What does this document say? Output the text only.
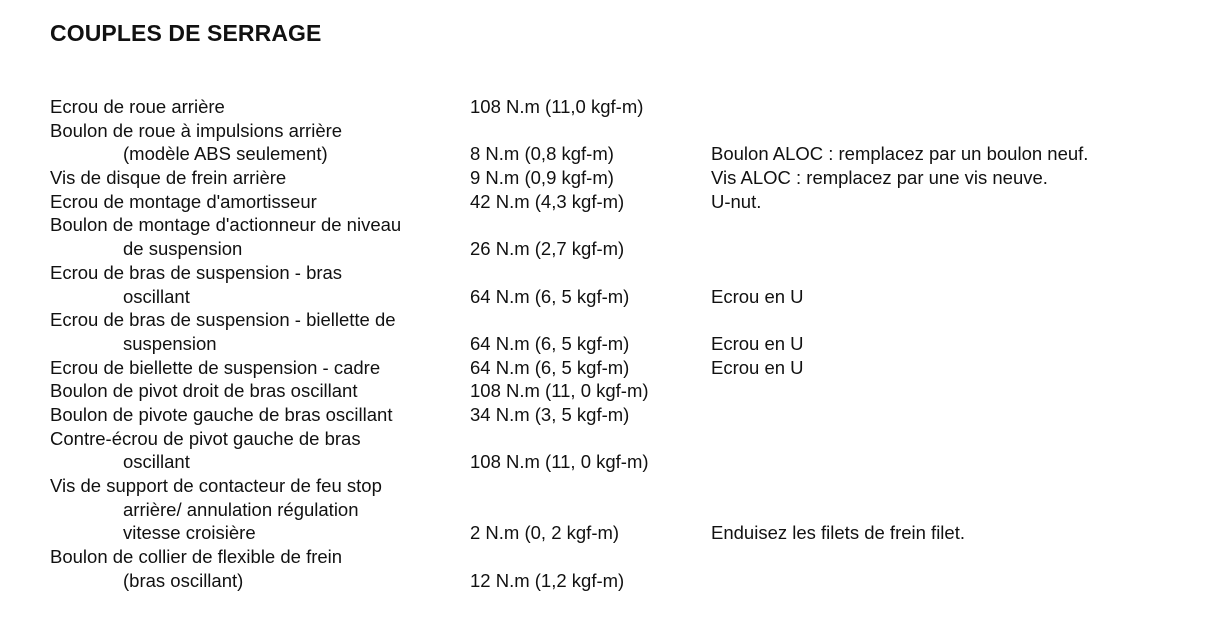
COUPLES DE SERRAGE
Ecrou de roue arrière	108 N.m (11,0 kgf-m)
Boulon de roue à impulsions arrière
(modèle ABS seulement)	8 N.m (0,8 kgf-m)	Boulon ALOC : remplacez par un boulon neuf.
Vis de disque de frein arrière	9 N.m (0,9 kgf-m)	Vis ALOC : remplacez par une vis neuve.
Ecrou de montage d'amortisseur	42 N.m (4,3 kgf-m)	U-nut.
Boulon de montage d'actionneur de niveau
de suspension	26 N.m (2,7 kgf-m)
Ecrou de bras de suspension - bras
oscillant	64 N.m (6, 5 kgf-m)	Ecrou en U
Ecrou de bras de suspension - biellette de
suspension	64 N.m (6, 5 kgf-m)	Ecrou en U
Ecrou de biellette de suspension - cadre	64 N.m (6, 5 kgf-m)	Ecrou en U
Boulon de pivot droit de bras oscillant	108 N.m (11, 0 kgf-m)
Boulon de pivote gauche de bras oscillant	34 N.m (3, 5 kgf-m)
Contre-écrou de pivot gauche de bras
oscillant	108 N.m (11, 0 kgf-m)
Vis de support de contacteur de feu stop
arrière/ annulation régulation
vitesse croisière	2 N.m (0, 2 kgf-m)	Enduisez les filets de frein filet.
Boulon de collier de flexible de frein
(bras oscillant)	12 N.m (1,2 kgf-m)
